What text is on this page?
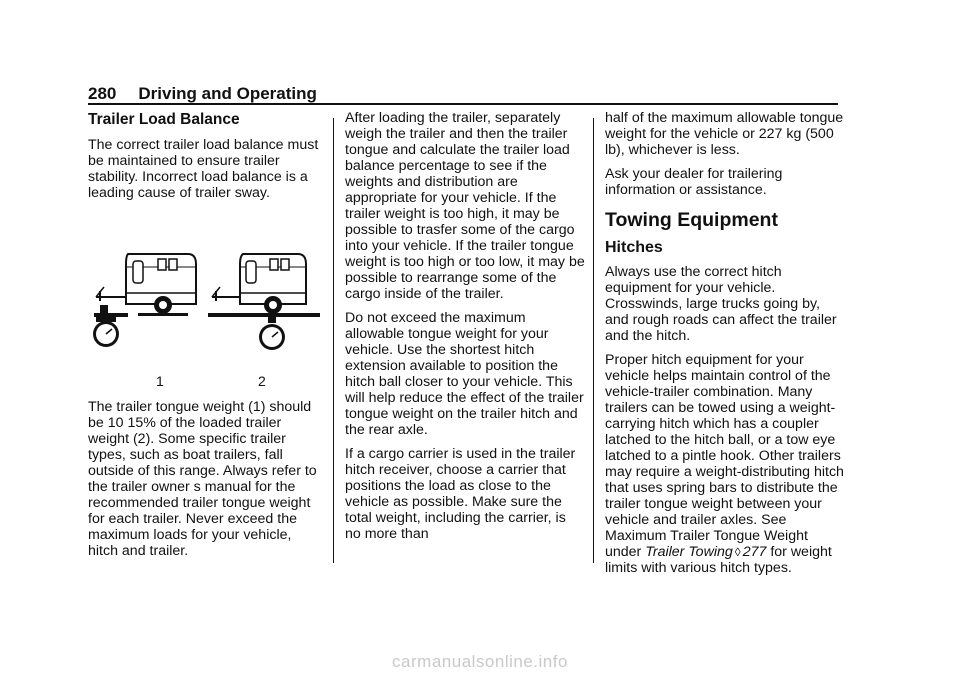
280 Driving and Operating
Trailer Load Balance

The correct trailer load balance must be maintained to ensure trailer stability. Incorrect load balance is a leading cause of trailer sway.

1	2

The trailer tongue weight (1) should be 10 15% of the loaded trailer weight (2). Some specific trailer types, such as boat trailers, fall outside of this range. Always refer to the trailer owner s manual for the recommended trailer tongue weight for each trailer. Never exceed the maximum loads for your vehicle, hitch and trailer.

After loading the trailer, separately weigh the trailer and then the trailer tongue and calculate the trailer load balance percentage to see if the weights and distribution are appropriate for your vehicle. If the trailer weight is too high, it may be possible to trasfer some of the cargo into your vehicle. If the trailer tongue weight is too high or too low, it may be possible to rearrange some of the cargo inside of the trailer.

Do not exceed the maximum allowable tongue weight for your vehicle. Use the shortest hitch extension available to position the hitch ball closer to your vehicle. This will help reduce the effect of the trailer tongue weight on the trailer hitch and the rear axle.

If a cargo carrier is used in the trailer hitch receiver, choose a carrier that positions the load as close to the vehicle as possible. Make sure the total weight, including the carrier, is no more than

half of the maximum allowable tongue weight for the vehicle or 227 kg (500 lb), whichever is less.

Ask your dealer for trailering information or assistance.

Towing Equipment
Hitches

Always use the correct hitch equipment for your vehicle. Crosswinds, large trucks going by, and rough roads can affect the trailer and the hitch.

Proper hitch equipment for your vehicle helps maintain control of the vehicle-trailer combination. Many trailers can be towed using a weight-carrying hitch which has a coupler latched to the hitch ball, or a tow eye latched to a pintle hook. Other trailers may require a weight-distributing hitch that uses spring bars to distribute the trailer tongue weight between your vehicle and trailer axles. See Maximum Trailer Tongue Weight under Trailer Towing ◊ 277 for weight limits with various hitch types.

carmanualsonline.info
